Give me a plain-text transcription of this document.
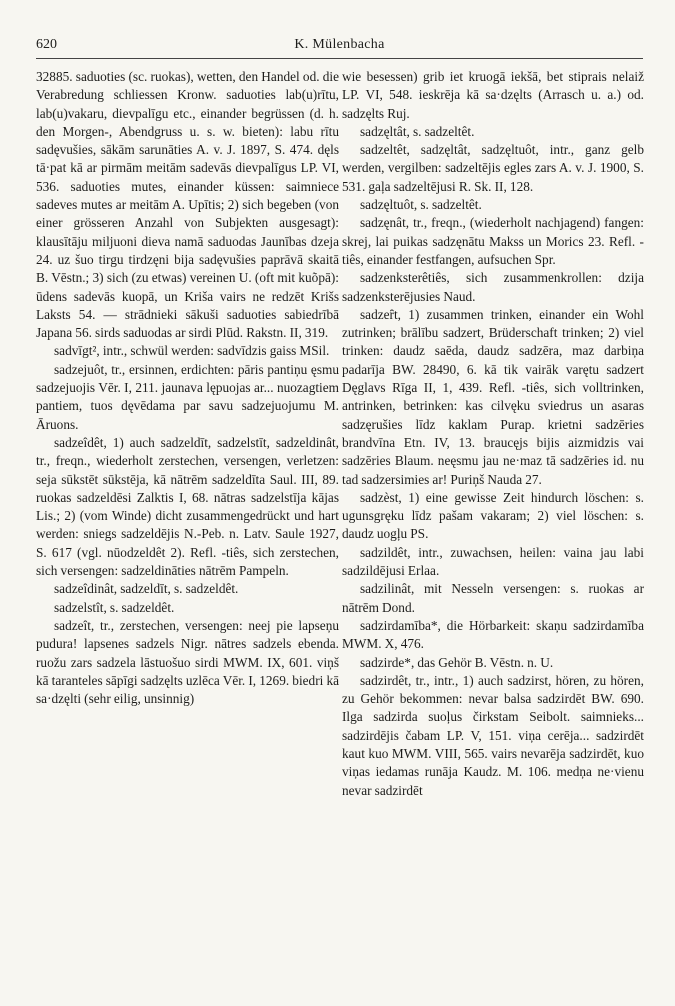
620	K. Mülenbacha

32885. saduoties (sc. ruokas), wetten, den Handel od. die Verabredung schliessen Kronw. saduoties lab(u)rītu, lab(u)vakaru, dievpalīgu etc., einander begrüssen (d. h. den Morgen-, Abendgruss u. s. w. bieten): labu rītu sadęvušies, sākām sarunāties A. v. J. 1897, S. 474. dęls tā·pat kā ar pirmām meitām sadevās dievpalīgus LP. VI, 536. saduoties mutes, einander küssen: saimniece sadeves mutes ar meitām A. Upītis; 2) sich begeben (von einer grösseren Anzahl von Subjekten ausgesagt): klausītāju miljuoni dieva namā saduodas Jaunības dzeja 24. uz šuo tirgu tirdzęni bija sadęvušies paprāvā skaitā B. Vēstn.; 3) sich (zu etwas) vereinen U. (oft mit kuõpā): ūdens sadevās kuopā, un Kriša vairs ne redzēt Krišs Laksts 54. — strādnieki sākuši saduoties sabiedrībā Japana 56. sirds saduodas ar sirdi Plūd. Rakstn. II, 319.

sadvīgt², intr., schwül werden: sadvīdzis gaiss MSil.

sadzejuôt, tr., ersinnen, erdichten: pāris pantiņu ęsmu sadzejuojis Vēr. I, 211. jaunava lępuojas ar... nuozagtiem pantiem, tuos dęvēdama par savu sadzejuojumu M. Āruons.

sadzeîdêt, 1) auch sadzeldīt, sadzelstīt, sadzeldinât, tr., freqn., wiederholt zerstechen, versengen, verletzen: seja sūkstēt sūkstēja, kā nātrēm sadzeldīta Saul. III, 89. ruokas sadzeldēsi Zalktis I, 68. nātras sadzelstīja kājas Lis.; 2) (vom Winde) dicht zusammengedrückt und hart werden: sniegs sadzeldējis N.-Peb. n. Latv. Saule 1927, S. 617 (vgl. nūodzeldêt 2). Refl. -tiês, sich zerstechen, sich versengen: sadzeldināties nātrēm Pampeln.

sadzeîdinât, sadzeldīt, s. sadzeldêt.

sadzelstît, s. sadzeldêt.

sadzeît, tr., zerstechen, versengen: neej pie lapseņu pudura! lapsenes sadzels Nigr. nātres sadzels ebenda. ruožu zars sadzela lāstuošuo sirdi MWM. IX, 601. viņš kā taranteles sāpīgi sadzęlts uzlēca Vēr. I, 1269. biedri kā sa·dzęlti (sehr eilig, unsinnig)

wie besessen) grib iet kruogā iekšā, bet stiprais nelaiž LP. VI, 548. ieskrēja kā sa·dzęlts (Arrasch u. a.) od. sadzęlts Ruj.

sadzęltât, s. sadzeltêt.

sadzeltêt, sadzęltât, sadzęltuôt, intr., ganz gelb werden, vergilben: sadzeltējis egles zars A. v. J. 1900, S. 531. gaļa sadzeltējusi R. Sk. II, 128.

sadzęltuôt, s. sadzeltêt.

sadzęnât, tr., freqn., (wiederholt nachjagend) fangen: skrej, lai puikas sadzęnātu Makss un Morics 23. Refl. -tiês, einander festfangen, aufsuchen Spr.

sadzenksterêtiês, sich zusammenkrollen: dzija sadzenksterējusies Naud.

sadzeȓt, 1) zusammen trinken, einander ein Wohl zutrinken; brālību sadzert, Brüderschaft trinken; 2) viel trinken: daudz saēda, daudz sadzēra, maz darbiņa padarīja BW. 28490, 6. kā tik vairāk varętu sadzert Dęglavs Rīga II, 1, 439. Refl. -tiês, sich volltrinken, antrinken, betrinken: kas cilvęku sviedrus un asaras sadzęrušies līdz kaklam Purap. krietni sadzēries brandvīna Etn. IV, 13. braucęjs bijis aizmidzis vai sadzēries Blaum. neęsmu jau ne·maz tā sadzēries id. nu tad sadzersimies ar! Puriņš Nauda 27.

sadzèst, 1) eine gewisse Zeit hindurch löschen: s. ugunsgręku līdz pašam vakaram; 2) viel löschen: s. daudz uogļu PS.

sadzildêt, intr., zuwachsen, heilen: vaina jau labi sadzildējusi Erlaa.

sadzilinât, mit Nesseln versengen: s. ruokas ar nātrēm Dond.

sadzirdamība*, die Hörbarkeit: skaņu sadzirdamība MWM. X, 476.

sadzirde*, das Gehör B. Vēstn. n. U.

sadzirdêt, tr., intr., 1) auch sadzirst, hören, zu hören, zu Gehör bekommen: nevar balsa sadzirdēt BW. 690. Ilga sadzirda suoļus čirkstam Seibolt. saimnieks... sadzirdējis čabam LP. V, 151. viņa cerēja... sadzirdēt kaut kuo MWM. VIII, 565. vairs nevarēja sadzirdēt, kuo viņas iedamas runāja Kaudz. M. 106. medņa ne·vienu nevar sadzirdēt
